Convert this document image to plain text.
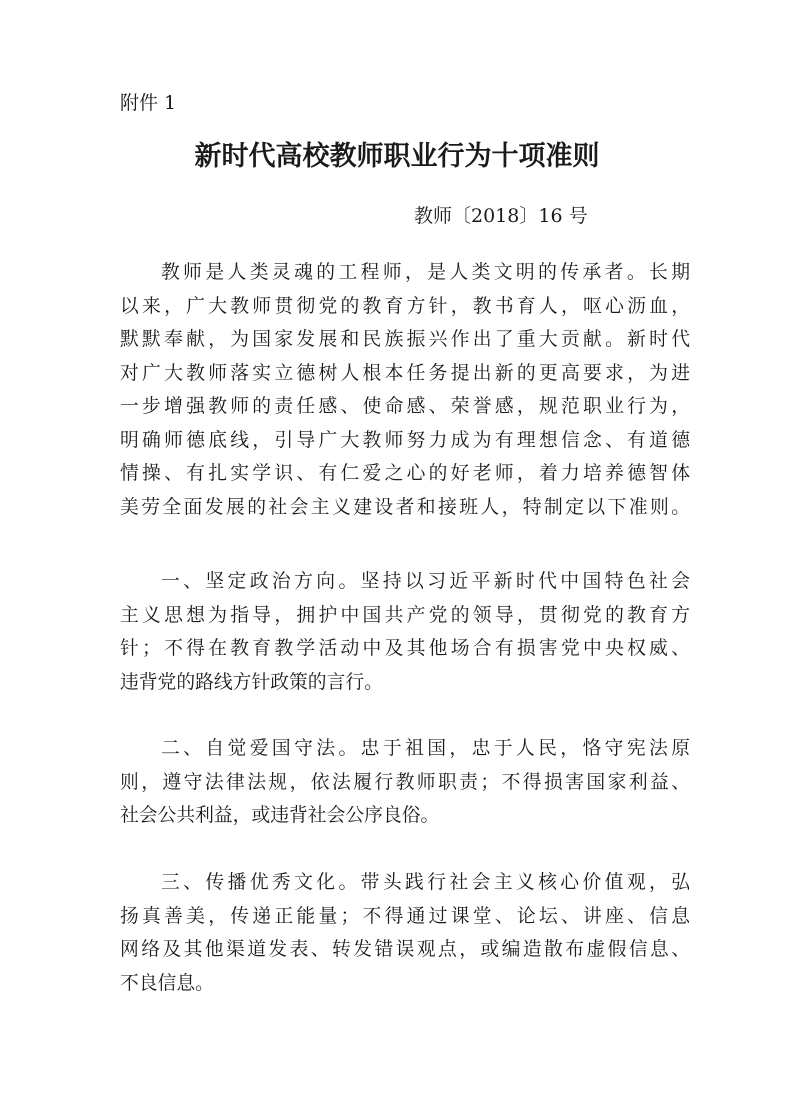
附件 1
新时代高校教师职业行为十项准则
教师〔2018〕16 号
教师是人类灵魂的工程师，是人类文明的传承者。长期
以来，广大教师贯彻党的教育方针，教书育人，呕心沥血，
默默奉献，为国家发展和民族振兴作出了重大贡献。新时代
对广大教师落实立德树人根本任务提出新的更高要求，为进
一步增强教师的责任感、使命感、荣誉感，规范职业行为，
明确师德底线，引导广大教师努力成为有理想信念、有道德
情操、有扎实学识、有仁爱之心的好老师，着力培养德智体
美劳全面发展的社会主义建设者和接班人，特制定以下准则。
一、坚定政治方向。坚持以习近平新时代中国特色社会
主义思想为指导，拥护中国共产党的领导，贯彻党的教育方
针；不得在教育教学活动中及其他场合有损害党中央权威、
违背党的路线方针政策的言行。
二、自觉爱国守法。忠于祖国，忠于人民，恪守宪法原
则，遵守法律法规，依法履行教师职责；不得损害国家利益、
社会公共利益，或违背社会公序良俗。
三、传播优秀文化。带头践行社会主义核心价值观，弘
扬真善美，传递正能量；不得通过课堂、论坛、讲座、信息
网络及其他渠道发表、转发错误观点，或编造散布虚假信息、
不良信息。
